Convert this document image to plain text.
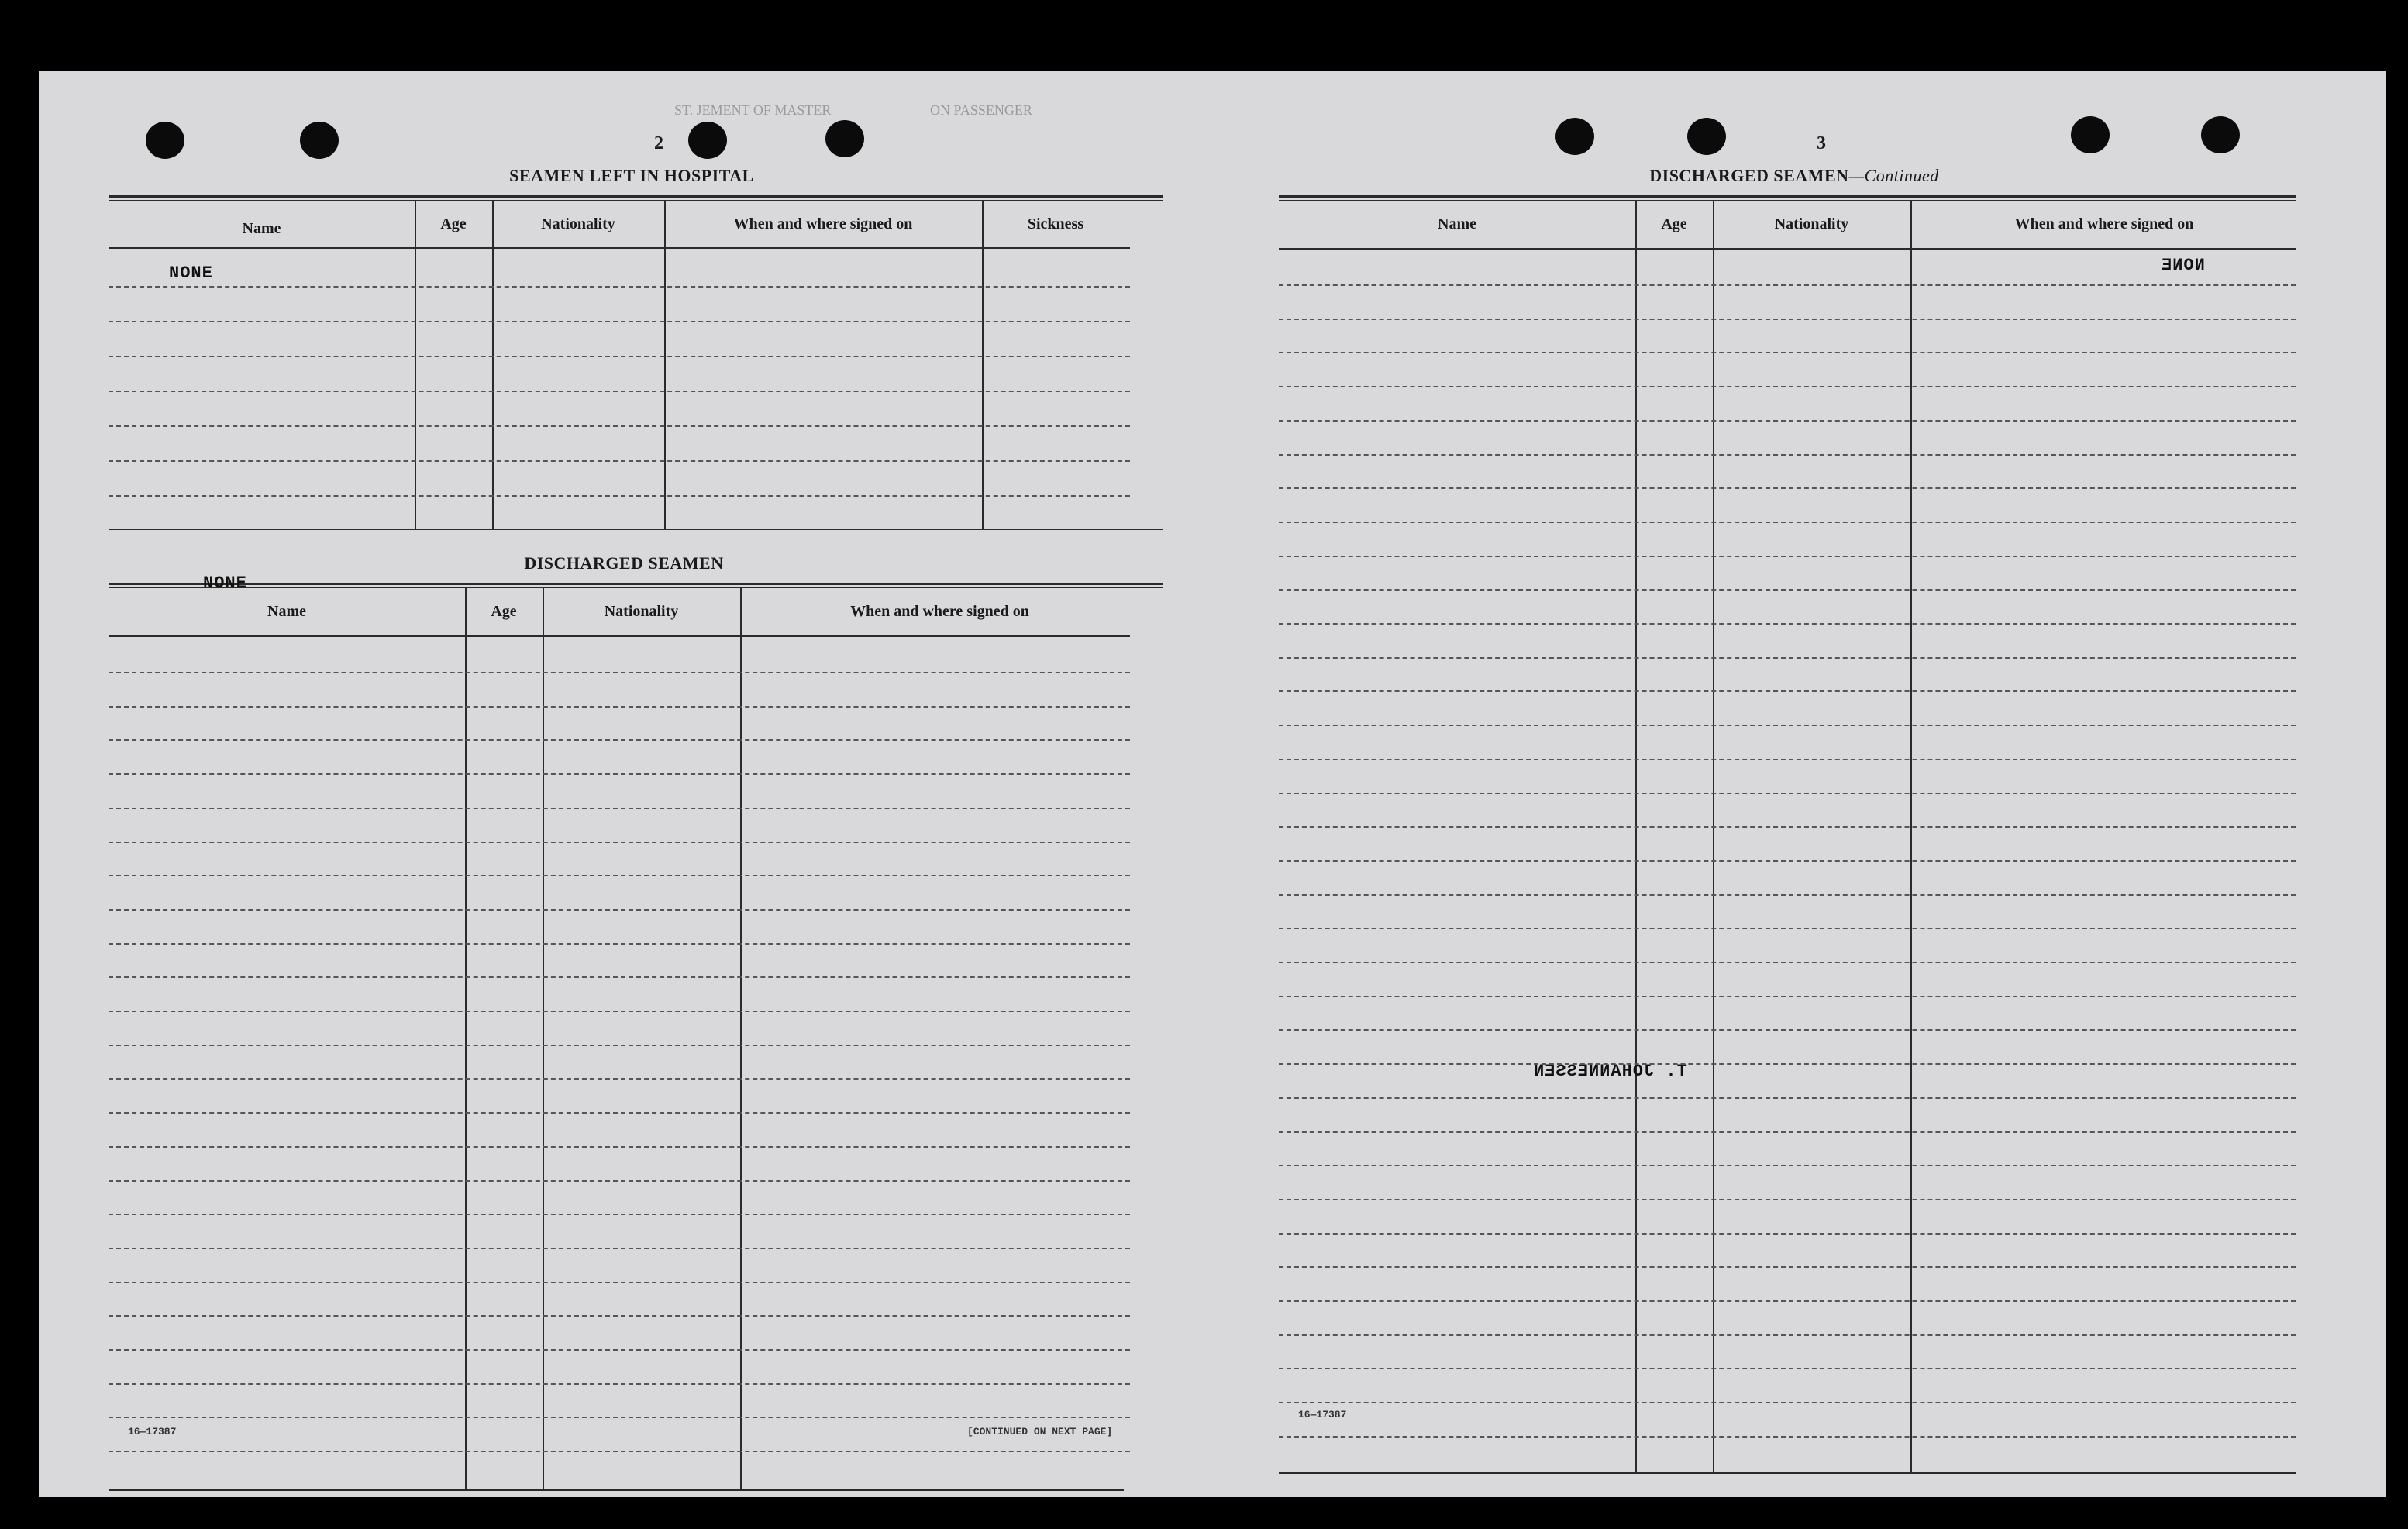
ST. JEMENT OF MASTER	ON PASSENGER
2
SEAMEN LEFT IN HOSPITAL
Name	Age	Nationality	When and where signed on	Sickness
NONE
DISCHARGED SEAMEN
Name	Age	Nationality	When and where signed on
NONE
16—17387	[CONTINUED ON NEXT PAGE]
3
DISCHARGED SEAMEN—Continued
Name	Age	Nationality	When and where signed on
NONE
T. JOHANNESSEN
16—17387
